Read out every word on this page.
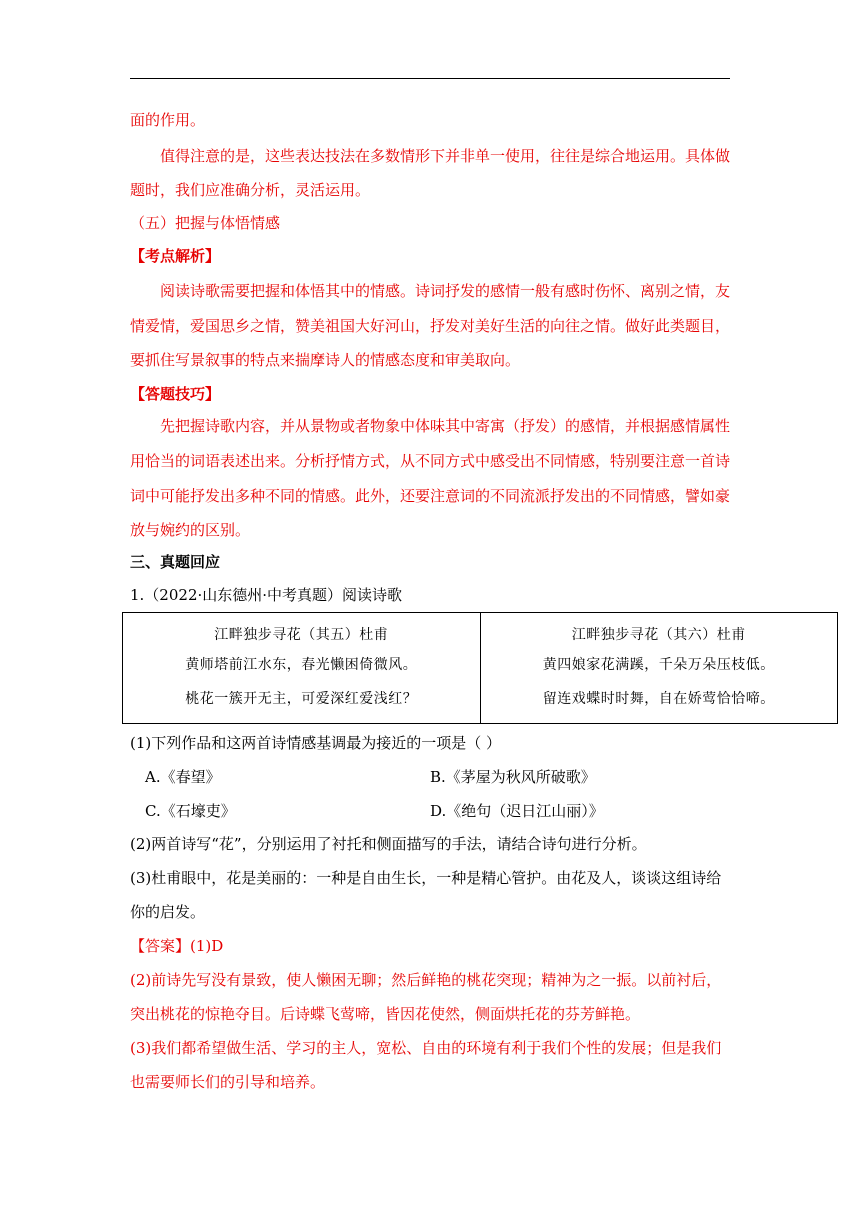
面的作用。
值得注意的是，这些表达技法在多数情形下并非单一使用，往往是综合地运用。具体做
题时，我们应准确分析，灵活运用。
（五）把握与体悟情感
【考点解析】
阅读诗歌需要把握和体悟其中的情感。诗词抒发的感情一般有感时伤怀、离别之情，友
情爱情，爱国思乡之情，赞美祖国大好河山，抒发对美好生活的向往之情。做好此类题目，
要抓住写景叙事的特点来揣摩诗人的情感态度和审美取向。
【答题技巧】
先把握诗歌内容，并从景物或者物象中体味其中寄寓（抒发）的感情，并根据感情属性
用恰当的词语表述出来。分析抒情方式，从不同方式中感受出不同情感，特别要注意一首诗
词中可能抒发出多种不同的情感。此外，还要注意词的不同流派抒发出的不同情感，譬如豪
放与婉约的区别。
三、真题回应
1.（2022·山东德州·中考真题）阅读诗歌
江畔独步寻花（其五）杜甫
黄师塔前江水东，春光懒困倚微风。
桃花一簇开无主，可爱深红爱浅红？

江畔独步寻花（其六）杜甫
黄四娘家花满蹊，千朵万朵压枝低。
留连戏蝶时时舞，自在娇莺恰恰啼。
(1)下列作品和这两首诗情感基调最为接近的一项是（ ）
A.《春望》	B.《茅屋为秋风所破歌》
C.《石壕吏》	D.《绝句（迟日江山丽）》
(2)两首诗写“花”，分别运用了衬托和侧面描写的手法，请结合诗句进行分析。
(3)杜甫眼中，花是美丽的：一种是自由生长，一种是精心管护。由花及人，谈谈这组诗给
你的启发。
【答案】(1)D
(2)前诗先写没有景致，使人懒困无聊；然后鲜艳的桃花突现；精神为之一振。以前衬后，
突出桃花的惊艳夺目。后诗蝶飞莺啼，皆因花使然，侧面烘托花的芬芳鲜艳。
(3)我们都希望做生活、学习的主人，宽松、自由的环境有利于我们个性的发展；但是我们
也需要师长们的引导和培养。
